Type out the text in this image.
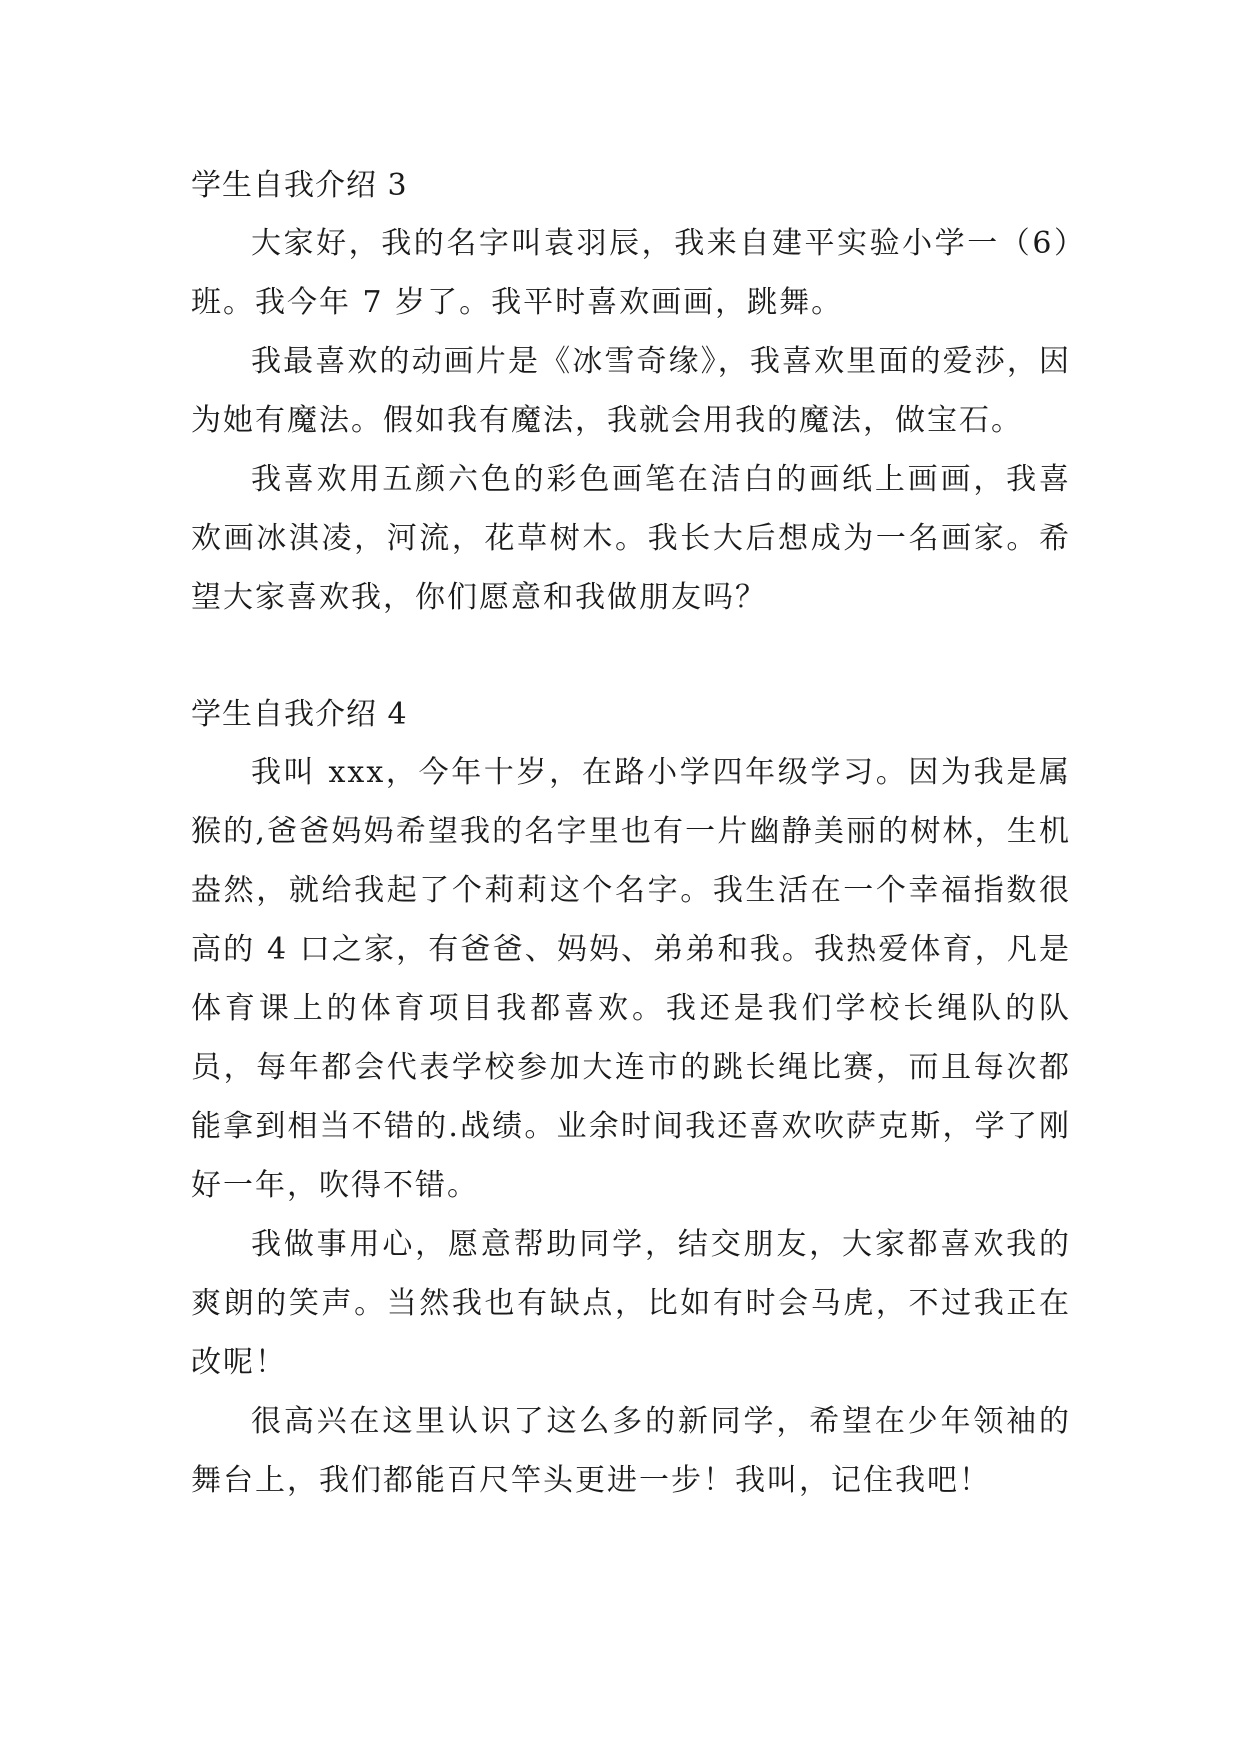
学生自我介绍 3

大家好，我的名字叫袁羽辰，我来自建平实验小学一（6）班。我今年 7 岁了。我平时喜欢画画，跳舞。

我最喜欢的动画片是《冰雪奇缘》，我喜欢里面的爱莎，因为她有魔法。假如我有魔法，我就会用我的魔法，做宝石。

我喜欢用五颜六色的彩色画笔在洁白的画纸上画画，我喜欢画冰淇凌，河流，花草树木。我长大后想成为一名画家。希望大家喜欢我，你们愿意和我做朋友吗？

学生自我介绍 4

我叫 xxx，今年十岁，在路小学四年级学习。因为我是属猴的,爸爸妈妈希望我的名字里也有一片幽静美丽的树林，生机盎然，就给我起了个莉莉这个名字。我生活在一个幸福指数很高的 4 口之家，有爸爸、妈妈、弟弟和我。我热爱体育，凡是体育课上的体育项目我都喜欢。我还是我们学校长绳队的队员，每年都会代表学校参加大连市的跳长绳比赛，而且每次都能拿到相当不错的.战绩。业余时间我还喜欢吹萨克斯，学了刚好一年，吹得不错。

我做事用心，愿意帮助同学，结交朋友，大家都喜欢我的爽朗的笑声。当然我也有缺点，比如有时会马虎，不过我正在改呢！

很高兴在这里认识了这么多的新同学，希望在少年领袖的舞台上，我们都能百尺竿头更进一步！我叫，记住我吧！
